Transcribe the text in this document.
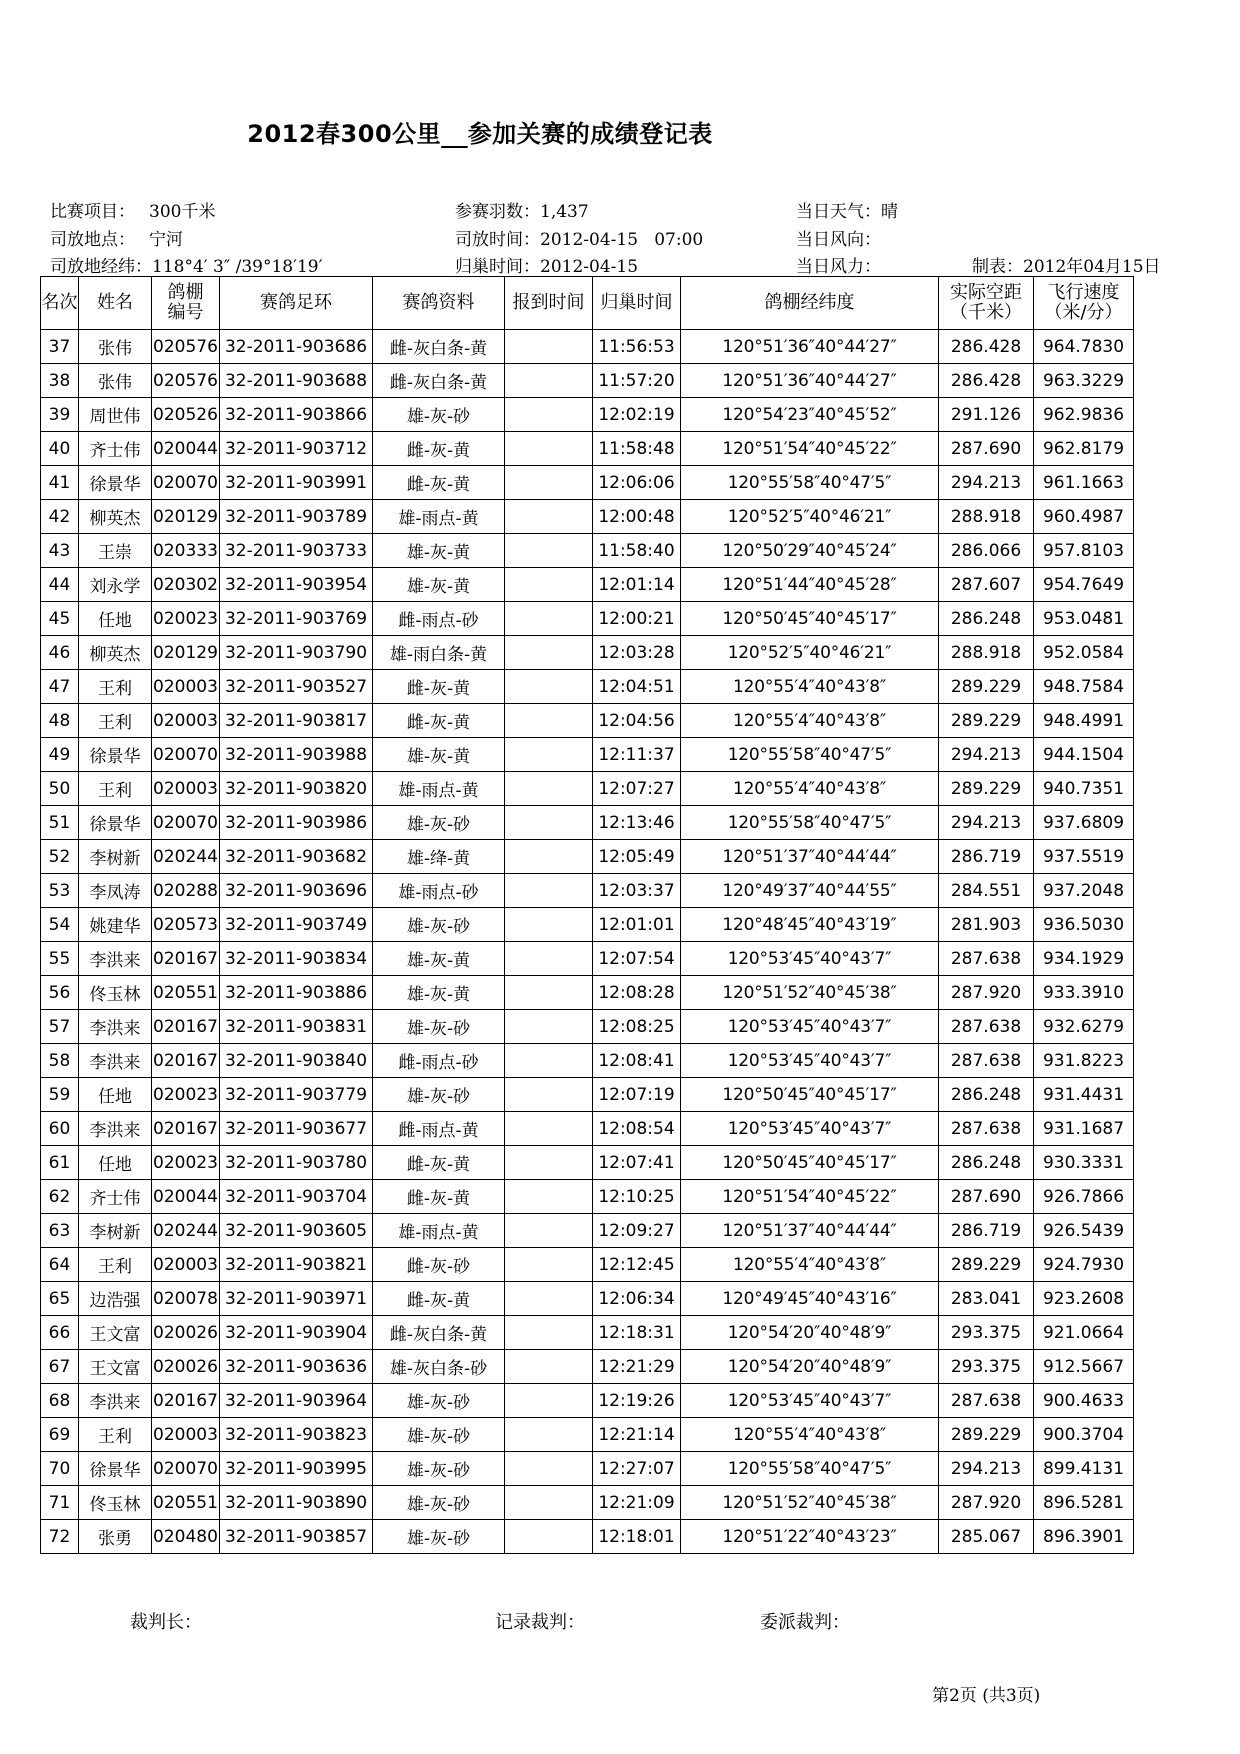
2012春300公里 参加关赛的成绩登记表
比赛项目： 300千米	参赛羽数：1,437	当日天气：晴
司放地点： 宁河	司放时间：2012-04-15   07:00	当日风向：
司放地经纬：118°4′ 3″ /39°18′19′	归巢时间：2012-04-15	当日风力：	制表：2012年04月15日
名次	姓名	鸽棚
编号	赛鸽足环	赛鸽资料	报到时间	归巢时间	鸽棚经纬度	实际空距
（千米）	飞行速度
（米/分）
37	张伟	020576	32-2011-903686	雌-灰白条-黄		11:56:53	120°51′36″40°44′27″	286.428	964.7830
38	张伟	020576	32-2011-903688	雌-灰白条-黄		11:57:20	120°51′36″40°44′27″	286.428	963.3229
39	周世伟	020526	32-2011-903866	雄-灰-砂		12:02:19	120°54′23″40°45′52″	291.126	962.9836
40	齐士伟	020044	32-2011-903712	雌-灰-黄		11:58:48	120°51′54″40°45′22″	287.690	962.8179
41	徐景华	020070	32-2011-903991	雌-灰-黄		12:06:06	120°55′58″40°47′5″	294.213	961.1663
42	柳英杰	020129	32-2011-903789	雄-雨点-黄		12:00:48	120°52′5″40°46′21″	288.918	960.4987
43	王崇	020333	32-2011-903733	雄-灰-黄		11:58:40	120°50′29″40°45′24″	286.066	957.8103
44	刘永学	020302	32-2011-903954	雄-灰-黄		12:01:14	120°51′44″40°45′28″	287.607	954.7649
45	任地	020023	32-2011-903769	雌-雨点-砂		12:00:21	120°50′45″40°45′17″	286.248	953.0481
46	柳英杰	020129	32-2011-903790	雄-雨白条-黄		12:03:28	120°52′5″40°46′21″	288.918	952.0584
47	王利	020003	32-2011-903527	雌-灰-黄		12:04:51	120°55′4″40°43′8″	289.229	948.7584
48	王利	020003	32-2011-903817	雌-灰-黄		12:04:56	120°55′4″40°43′8″	289.229	948.4991
49	徐景华	020070	32-2011-903988	雄-灰-黄		12:11:37	120°55′58″40°47′5″	294.213	944.1504
50	王利	020003	32-2011-903820	雄-雨点-黄		12:07:27	120°55′4″40°43′8″	289.229	940.7351
51	徐景华	020070	32-2011-903986	雄-灰-砂		12:13:46	120°55′58″40°47′5″	294.213	937.6809
52	李树新	020244	32-2011-903682	雄-绛-黄		12:05:49	120°51′37″40°44′44″	286.719	937.5519
53	李凤涛	020288	32-2011-903696	雄-雨点-砂		12:03:37	120°49′37″40°44′55″	284.551	937.2048
54	姚建华	020573	32-2011-903749	雄-灰-砂		12:01:01	120°48′45″40°43′19″	281.903	936.5030
55	李洪来	020167	32-2011-903834	雄-灰-黄		12:07:54	120°53′45″40°43′7″	287.638	934.1929
56	佟玉林	020551	32-2011-903886	雄-灰-黄		12:08:28	120°51′52″40°45′38″	287.920	933.3910
57	李洪来	020167	32-2011-903831	雄-灰-砂		12:08:25	120°53′45″40°43′7″	287.638	932.6279
58	李洪来	020167	32-2011-903840	雌-雨点-砂		12:08:41	120°53′45″40°43′7″	287.638	931.8223
59	任地	020023	32-2011-903779	雄-灰-砂		12:07:19	120°50′45″40°45′17″	286.248	931.4431
60	李洪来	020167	32-2011-903677	雌-雨点-黄		12:08:54	120°53′45″40°43′7″	287.638	931.1687
61	任地	020023	32-2011-903780	雌-灰-黄		12:07:41	120°50′45″40°45′17″	286.248	930.3331
62	齐士伟	020044	32-2011-903704	雌-灰-黄		12:10:25	120°51′54″40°45′22″	287.690	926.7866
63	李树新	020244	32-2011-903605	雄-雨点-黄		12:09:27	120°51′37″40°44′44″	286.719	926.5439
64	王利	020003	32-2011-903821	雌-灰-砂		12:12:45	120°55′4″40°43′8″	289.229	924.7930
65	边浩强	020078	32-2011-903971	雌-灰-黄		12:06:34	120°49′45″40°43′16″	283.041	923.2608
66	王文富	020026	32-2011-903904	雌-灰白条-黄		12:18:31	120°54′20″40°48′9″	293.375	921.0664
67	王文富	020026	32-2011-903636	雄-灰白条-砂		12:21:29	120°54′20″40°48′9″	293.375	912.5667
68	李洪来	020167	32-2011-903964	雄-灰-砂		12:19:26	120°53′45″40°43′7″	287.638	900.4633
69	王利	020003	32-2011-903823	雄-灰-砂		12:21:14	120°55′4″40°43′8″	289.229	900.3704
70	徐景华	020070	32-2011-903995	雄-灰-砂		12:27:07	120°55′58″40°47′5″	294.213	899.4131
71	佟玉林	020551	32-2011-903890	雄-灰-砂		12:21:09	120°51′52″40°45′38″	287.920	896.5281
72	张勇	020480	32-2011-903857	雄-灰-砂		12:18:01	120°51′22″40°43′23″	285.067	896.3901
裁判长：	记录裁判：	委派裁判：
第2页 (共3页)
